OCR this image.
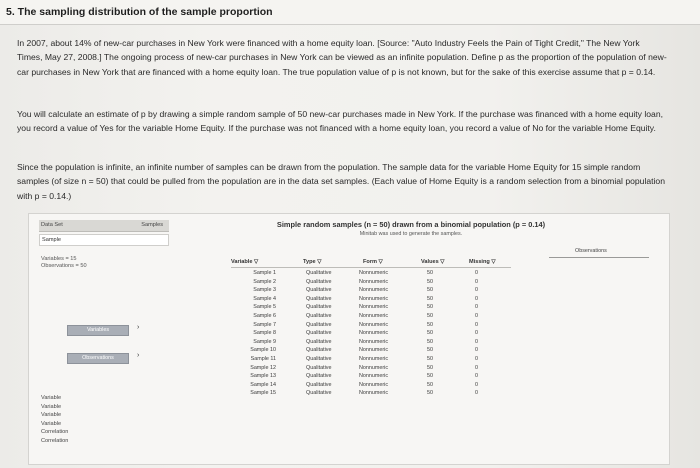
5. The sampling distribution of the sample proportion
In 2007, about 14% of new-car purchases in New York were financed with a home equity loan. [Source: "Auto Industry Feels the Pain of Tight Credit," The New York Times, May 27, 2008.] The ongoing process of new-car purchases in New York can be viewed as an infinite population. Define p as the proportion of the population of new-car purchases in New York that are financed with a home equity loan. The true population value of p is not known, but for the sake of this exercise assume that p = 0.14.
You will calculate an estimate of p by drawing a simple random sample of 50 new-car purchases made in New York. If the purchase was financed with a home equity loan, you record a value of Yes for the variable Home Equity. If the purchase was not financed with a home equity loan, you record a value of No for the variable Home Equity.
Since the population is infinite, an infinite number of samples can be drawn from the population. The sample data for the variable Home Equity for 15 simple random samples (of size n = 50) that could be pulled from the population are in the data set samples. (Each value of Home Equity is a random selection from a binomial population with p = 0.14.)
Data Set	Samples
Sample
Variables = 15
Observations = 50
Variables	›
Observations	›
Variable
Variable
Variable
Variable
Correlation
Correlation
Simple random samples (n = 50) drawn from a binomial population (p = 0.14)
Minitab was used to generate the samples.
Observations
Variable ▽	Type ▽	Form ▽	Values ▽	Missing ▽
Sample 1	Qualitative	Nonnumeric	50	0
Sample 2	Qualitative	Nonnumeric	50	0
Sample 3	Qualitative	Nonnumeric	50	0
Sample 4	Qualitative	Nonnumeric	50	0
Sample 5	Qualitative	Nonnumeric	50	0
Sample 6	Qualitative	Nonnumeric	50	0
Sample 7	Qualitative	Nonnumeric	50	0
Sample 8	Qualitative	Nonnumeric	50	0
Sample 9	Qualitative	Nonnumeric	50	0
Sample 10	Qualitative	Nonnumeric	50	0
Sample 11	Qualitative	Nonnumeric	50	0
Sample 12	Qualitative	Nonnumeric	50	0
Sample 13	Qualitative	Nonnumeric	50	0
Sample 14	Qualitative	Nonnumeric	50	0
Sample 15	Qualitative	Nonnumeric	50	0
